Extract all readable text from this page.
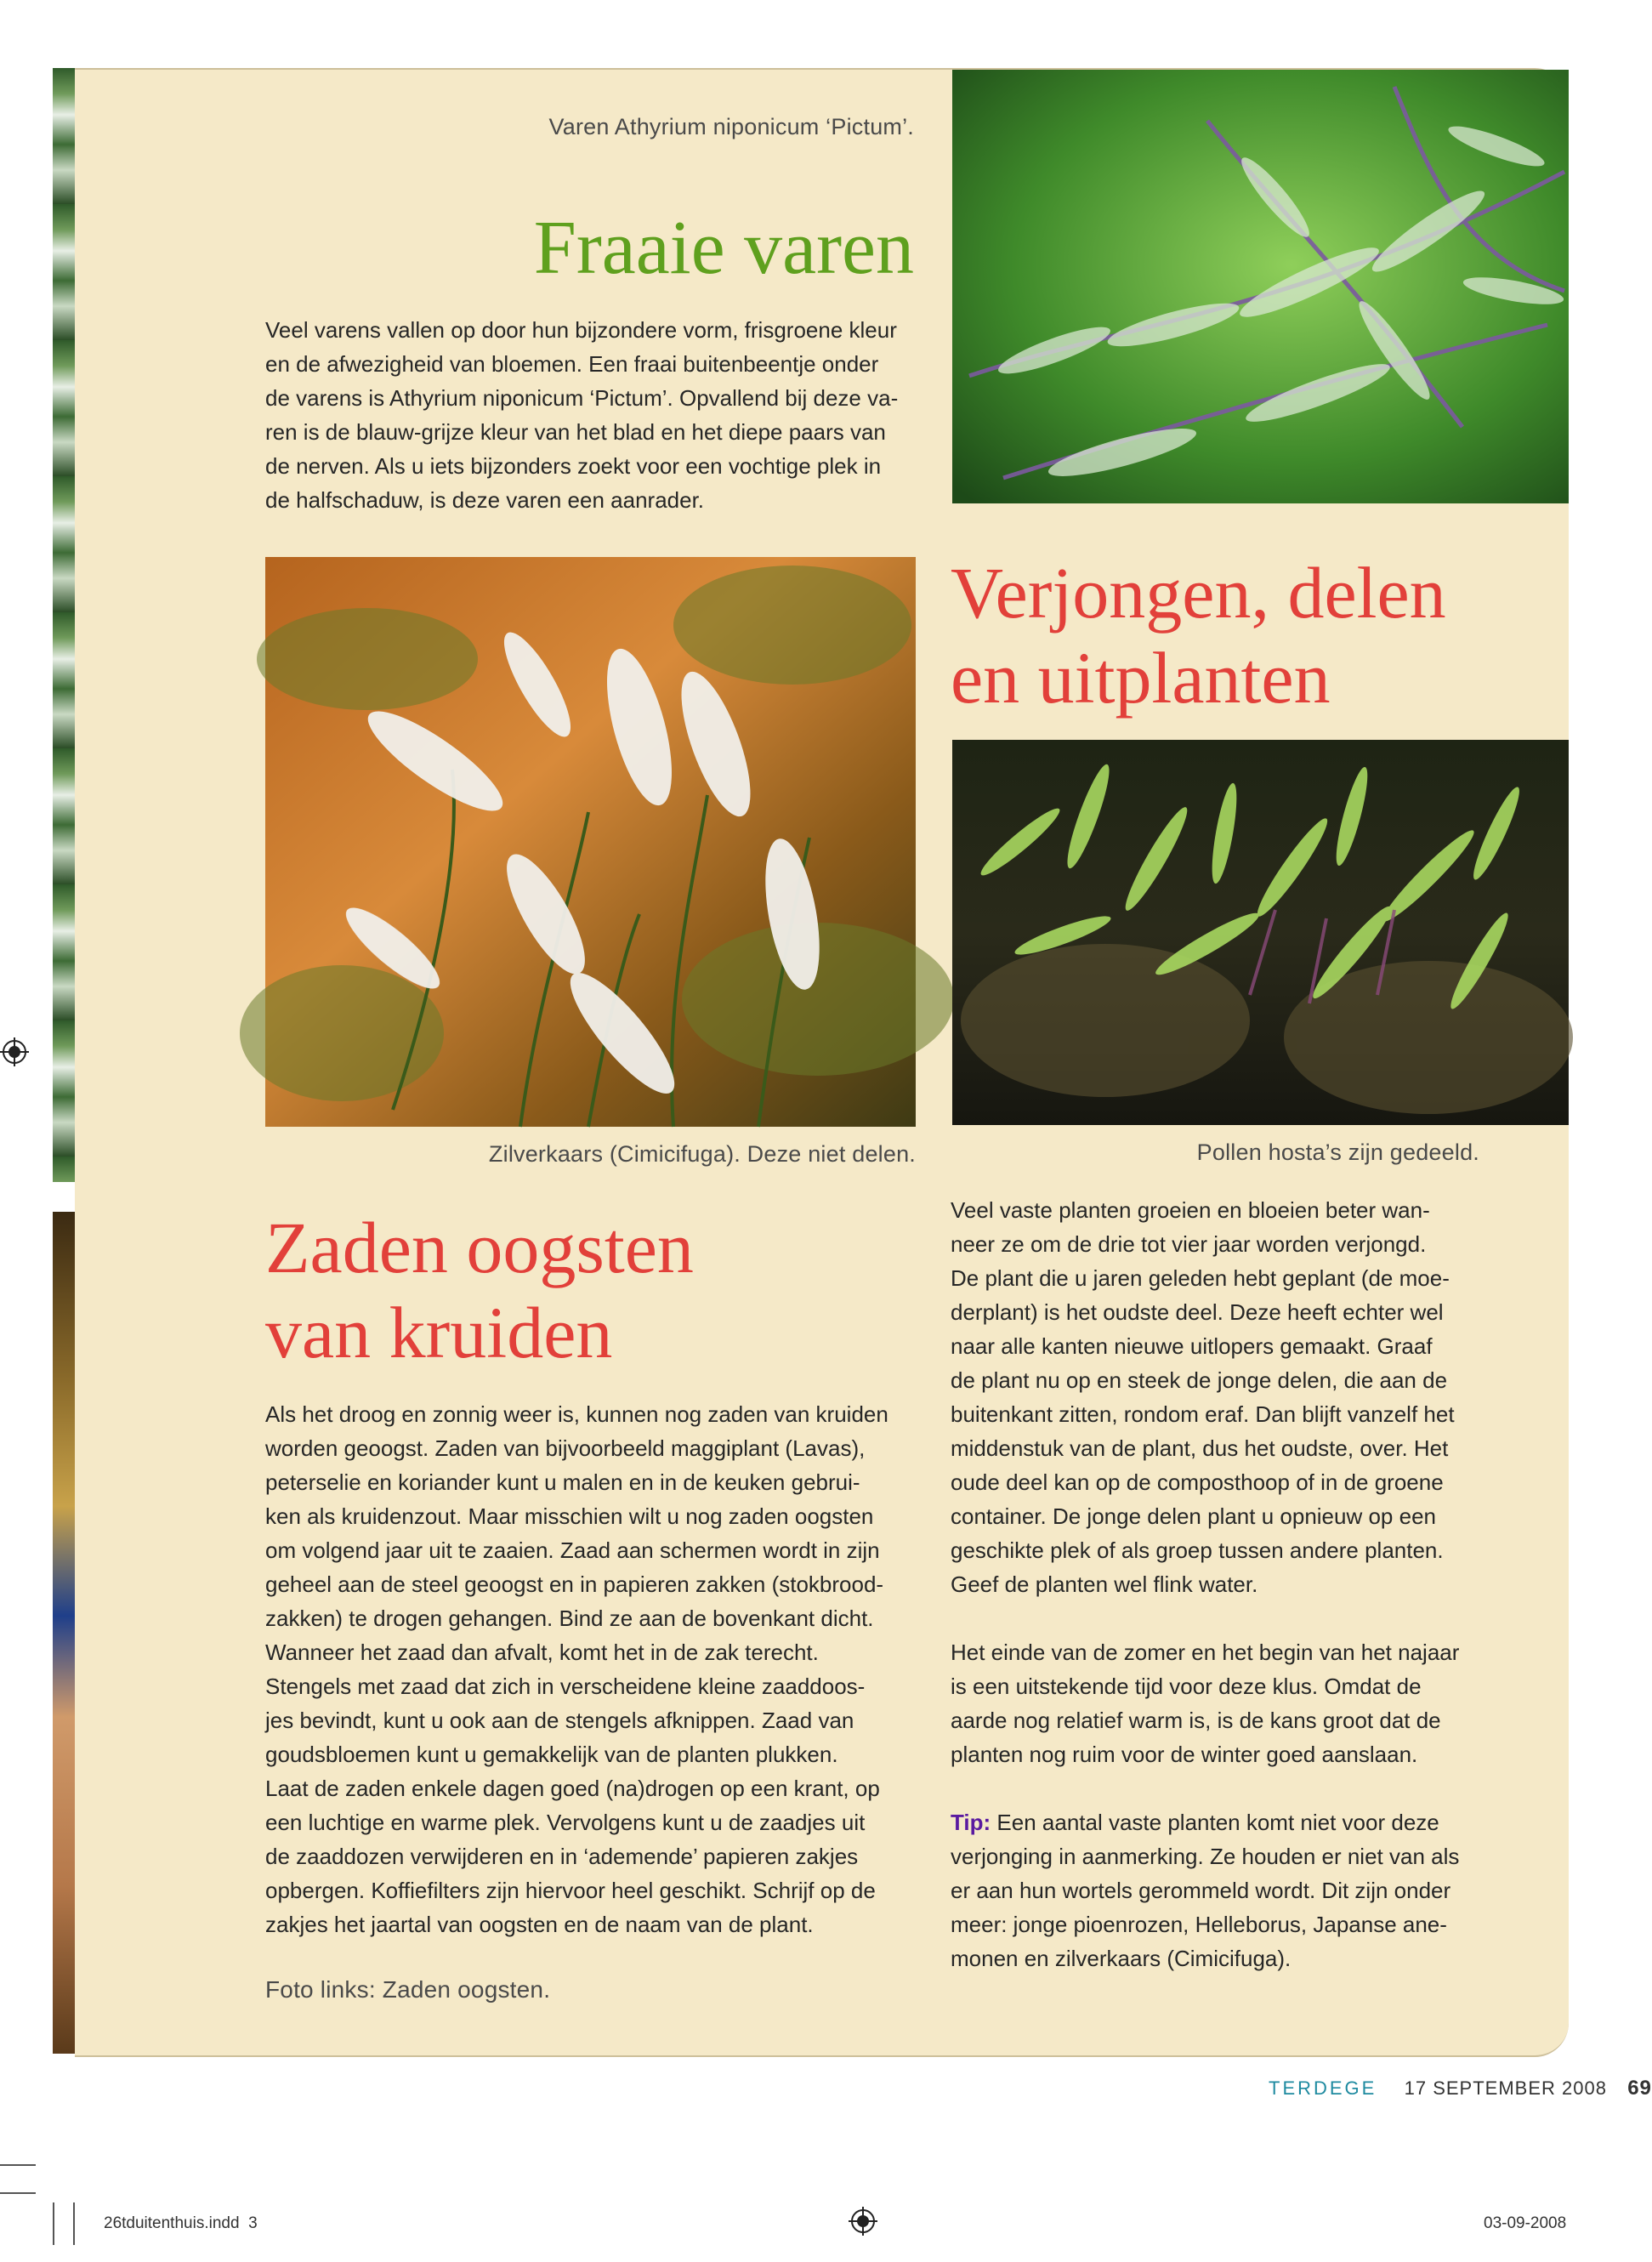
Varen Athyrium niponicum ‘Pictum’.
Fraaie varen

Veel varens vallen op door hun bijzondere vorm, frisgroene kleur

en de afwezigheid van bloemen. Een fraai buitenbeentje onder

de varens is Athyrium niponicum ‘Pictum’. Opvallend bij deze va-

ren is de blauw-grijze kleur van het blad en het diepe paars van

de nerven. Als u iets bijzonders zoekt voor een vochtige plek in

de halfschaduw, is deze varen een aanrader.

Zilverkaars (Cimicifuga). Deze niet delen.
Verjongen, delen
en uitplanten
Pollen hosta’s zijn gedeeld.

Veel vaste planten groeien en bloeien beter wan-

neer ze om de drie tot vier jaar worden verjongd.

De plant die u jaren geleden hebt geplant (de moe-

derplant) is het oudste deel. Deze heeft echter wel

naar alle kanten nieuwe uitlopers gemaakt. Graaf

de plant nu op en steek de jonge delen, die aan de

buitenkant zitten, rondom eraf. Dan blijft vanzelf het

middenstuk van de plant, dus het oudste, over. Het

oude deel kan op de composthoop of in de groene

container. De jonge delen plant u opnieuw op een

geschikte plek of als groep tussen andere planten.

Geef de planten wel flink water.

Het einde van de zomer en het begin van het najaar

is een uitstekende tijd voor deze klus. Omdat de

aarde nog relatief warm is, is de kans groot dat de

planten nog ruim voor de winter goed aanslaan.

Tip: Een aantal vaste planten komt niet voor deze

verjonging in aanmerking. Ze houden er niet van als

er aan hun wortels gerommeld wordt. Dit zijn onder

meer: jonge pioenrozen, Helleborus, Japanse ane-

monen en zilverkaars (Cimicifuga).

Zaden oogsten
van kruiden

Als het droog en zonnig weer is, kunnen nog zaden van kruiden

worden geoogst. Zaden van bijvoorbeeld maggiplant (Lavas),

peterselie en koriander kunt u malen en in de keuken gebrui-

ken als kruidenzout. Maar misschien wilt u nog zaden oogsten

om volgend jaar uit te zaaien. Zaad aan schermen wordt in zijn

geheel aan de steel geoogst en in papieren zakken (stokbrood-

zakken) te drogen gehangen. Bind ze aan de bovenkant dicht.

Wanneer het zaad dan afvalt, komt het in de zak terecht.

Stengels met zaad dat zich in verscheidene kleine zaaddoos-

jes bevindt, kunt u ook aan de stengels afknippen. Zaad van

goudsbloemen kunt u gemakkelijk van de planten plukken.

Laat de zaden enkele dagen goed (na)drogen op een krant, op

een luchtige en warme plek. Vervolgens kunt u de zaadjes uit

de zaaddozen verwijderen en in ‘ademende’ papieren zakjes

opbergen. Koffiefilters zijn hiervoor heel geschikt. Schrijf op de

zakjes het jaartal van oogsten en de naam van de plant.

Foto links: Zaden oogsten.
TERDEGE 17 SEPTEMBER 2008 69
26tduitenthuis.indd  3	03-09-2008
